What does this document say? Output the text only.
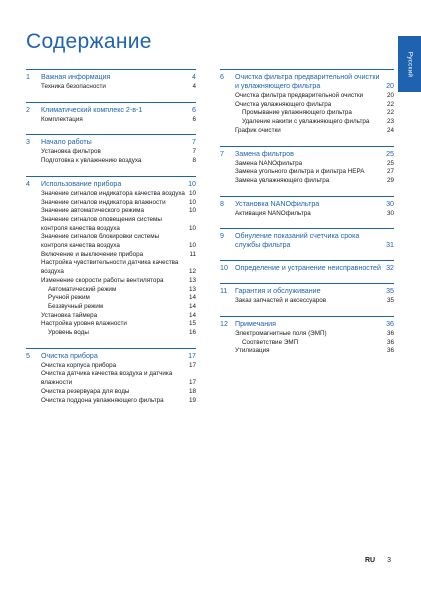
Содержание
Русский
1	Важная информация	4
Техника безопасности	4
2	Климатический комплекс 2-в-1	6
Комплектация	6
3	Начало работы	7
Установка фильтров	7
Подготовка к увлажнению воздуха	8
4	Использование прибора	10
Значение сигналов индикатора качества воздуха 10
Значение сигналов индикатора влажности	10
Значение автоматического режима	10
Значение сигналов оповещения системы контроля качества воздуха	10
Значение сигналов блокировки системы контроля качества воздуха	10
Включение и выключение прибора	11
Настройка чувствительности датчика качества воздуха	12
Изменение скорости работы вентилятора	13
Автоматический режим	13
Ручной режим	14
Беззвучный режим	14
Установка таймера	14
Настройка уровня влажности	15
Уровень воды	16
5	Очистка прибора	17
Очистка корпуса прибора	17
Очистка датчика качества воздуха и датчика влажности	17
Очистка резервуара для воды	18
Очистка поддона увлажняющего фильтра	19
6	Очистка фильтра предварительной очистки и увлажняющего фильтра	20
Очистка фильтра предварительной очистки	20
Очистка увлажняющего фильтра	22
Промывание увлажняющего фильтра	22
Удаление накипи с увлажняющего фильтра	23
График очистки	24
7	Замена фильтров	25
Замена NANOфильтра	25
Замена угольного фильтра и фильтра HEPA	27
Замена увлажняющего фильтра	29
8	Установка NANOфильтра	30
Активация NANOфильтра	30
9	Обнуление показаний счетчика срока службы фильтра	31
10	Определение и устранение неисправностей 32
11	Гарантия и обслуживание	35
Заказ запчастей и аксессуаров	35
12	Примечания	36
Электромагнитные поля (ЭМП)	36
Соответствие ЭМП	36
Утилизация	36
RU 3
